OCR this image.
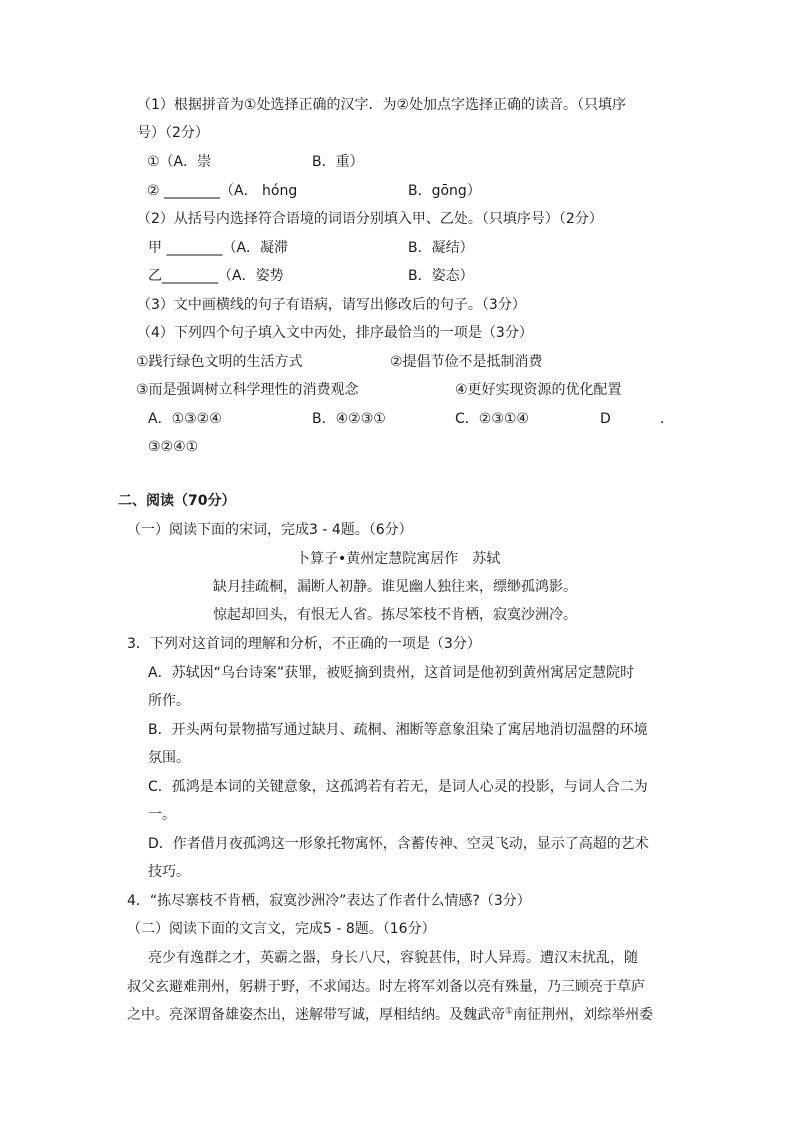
（1）根据拼音为①处选择正确的汉字．为②处加点字选择正确的读音。（只填序
号）（2分）
①（A．崇	B．重）
② ________（A． hóng	B．gōng）
（2）从括号内选择符合语境的词语分别填入甲、乙处。（只填序号）（2分）
甲 ________（A．凝滞	B．凝结）
乙________（A．姿势	B．姿态）
（3）文中画横线的句子有语病，请写出修改后的句子。（3分）
（4）下列四个句子填入文中丙处，排序最恰当的一项是（3分）
①践行绿色文明的生活方式	②提倡节俭不是抵制消费
③而是强调树立科学理性的消费观念	④更好实现资源的优化配置
A．①③②④	B．④②③①	C．②③①④	D	．
③②④①
二、阅读（70分）
（一）阅读下面的宋词，完成3 - 4题。（6分）
卜算子•黄州定慧院寓居作　苏轼
缺月挂疏桐，漏断人初静。谁见幽人独往来，缥缈孤鸿影。
惊起却回头，有恨无人省。拣尽笨枝不肯栖，寂寞沙洲冷。
3．下列对这首词的理解和分析，不正确的一项是（3分）
A．苏轼因“乌台诗案”获罪，被贬摘到贵州，这首词是他初到黄州寓居定慧院时
所作。
B．开头两句景物描写通过缺月、疏桐、湘断等意象沮染了寓居地消切温罄的环境
氛围。
C．孤鸿是本词的关键意象，这孤鸿若有若无，是词人心灵的投影，与词人合二为
一。
D．作者借月夜孤鸿这一形象托物寓怀，含蓄传神、空灵飞动，显示了高超的艺术
技巧。
4．“拣尽寨枝不肯栖，寂寞沙洲冷”表达了作者什么情感?（3分）
（二）阅读下面的文言文，完成5 - 8题。（16分）
亮少有逸群之才，英霸之器，身长八尺，容貌甚伟，时人异焉。遭汉末扰乱，随
叔父玄避难荆州，躬耕于野，不求闻达。时左将军刘备以亮有殊量，乃三顾亮于草庐
之中。亮深谓备雄姿杰出，迷解带写诚，厚相结纳。及魏武帝①南征荆州，刘综举州委
